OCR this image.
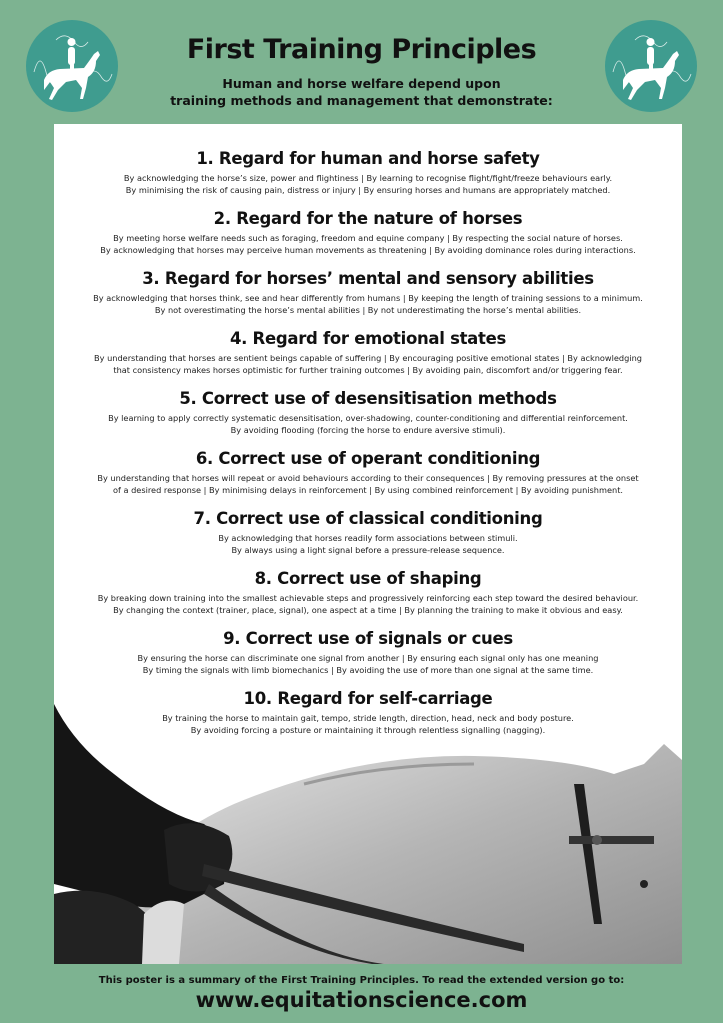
First Training Principles

Human and horse welfare depend upon
training methods and management that demonstrate:

1. Regard for human and horse safety

By acknowledging the horse’s size, power and flightiness | By learning to recognise flight/fight/freeze behaviours early.
By minimising the risk of causing pain, distress or injury | By ensuring horses and humans are appropriately matched.

2. Regard for the nature of horses

By meeting horse welfare needs such as foraging, freedom and equine company | By respecting the social nature of horses.
By acknowledging that horses may perceive human movements as threatening | By avoiding dominance roles during interactions.

3. Regard for horses’ mental and sensory abilities

By acknowledging that horses think, see and hear differently from humans | By keeping the length of training sessions to a minimum.
By not overestimating the horse’s mental abilities | By not underestimating the horse’s mental abilities.

4. Regard for emotional states

By understanding that horses are sentient beings capable of suffering | By encouraging positive emotional states | By acknowledging
that consistency makes horses optimistic for further training outcomes | By avoiding pain, discomfort and/or triggering fear.

5. Correct use of desensitisation methods

By learning to apply correctly systematic desensitisation, over-shadowing, counter-conditioning and differential reinforcement.
By avoiding flooding (forcing the horse to endure aversive stimuli).

6. Correct use of operant conditioning

By understanding that horses will repeat or avoid behaviours according to their consequences | By removing pressures at the onset
of a desired response | By minimising delays in reinforcement | By using combined reinforcement | By avoiding punishment.

7. Correct use of classical conditioning

By acknowledging that horses readily form associations between stimuli.
By always using a light signal before a pressure-release sequence.

8. Correct use of shaping

By breaking down training into the smallest achievable steps and progressively reinforcing each step toward the desired behaviour.
By changing the context (trainer, place, signal), one aspect at a time | By planning the training to make it obvious and easy.

9. Correct use of signals or cues

By ensuring the horse can discriminate one signal from another | By ensuring each signal only has one meaning
By timing the signals with limb biomechanics | By avoiding the use of more than one signal at the same time.

10. Regard for self-carriage

By training the horse to maintain gait, tempo, stride length, direction, head, neck and body posture.
By avoiding forcing a posture or maintaining it through relentless signalling (nagging).

This poster is a summary of the First Training Principles. To read the extended version go to:

www.equitationscience.com
